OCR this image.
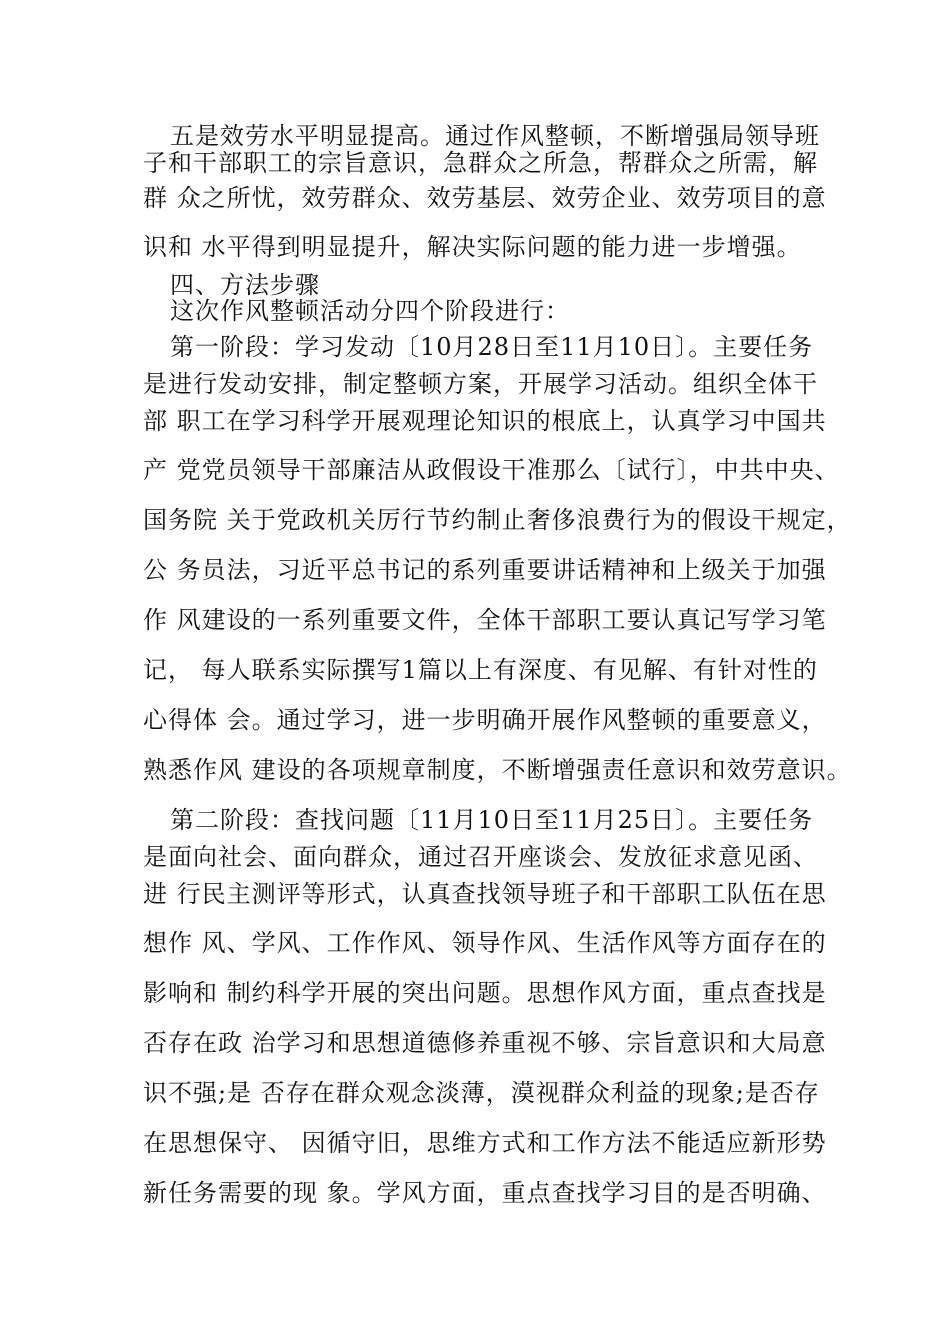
五是效劳水平明显提高。通过作风整顿，不断增强局领导班
子和干部职工的宗旨意识，急群众之所急，帮群众之所需，解
群 众之所忧，效劳群众、效劳基层、效劳企业、效劳项目的意
识和 水平得到明显提升，解决实际问题的能力进一步增强。
四、方法步骤
这次作风整顿活动分四个阶段进行：
第一阶段：学习发动〔10月28日至11月10日〕。主要任务
是进行发动安排，制定整顿方案，开展学习活动。组织全体干
部 职工在学习科学开展观理论知识的根底上，认真学习中国共
产 党党员领导干部廉洁从政假设干准那么〔试行〕，中共中央、
国务院 关于党政机关厉行节约制止奢侈浪费行为的假设干规定，
公 务员法，习近平总书记的系列重要讲话精神和上级关于加强
作 风建设的一系列重要文件，全体干部职工要认真记写学习笔
记， 每人联系实际撰写1篇以上有深度、有见解、有针对性的
心得体 会。通过学习，进一步明确开展作风整顿的重要意义，
熟悉作风 建设的各项规章制度，不断增强责任意识和效劳意识。
第二阶段：查找问题〔11月10日至11月25日〕。主要任务
是面向社会、面向群众，通过召开座谈会、发放征求意见函、
进 行民主测评等形式，认真查找领导班子和干部职工队伍在思
想作 风、学风、工作作风、领导作风、生活作风等方面存在的
影响和 制约科学开展的突出问题。思想作风方面，重点查找是
否存在政 治学习和思想道德修养重视不够、宗旨意识和大局意
识不强;是 否存在群众观念淡薄，漠视群众利益的现象;是否存
在思想保守、 因循守旧，思维方式和工作方法不能适应新形势
新任务需要的现 象。学风方面，重点查找学习目的是否明确、
